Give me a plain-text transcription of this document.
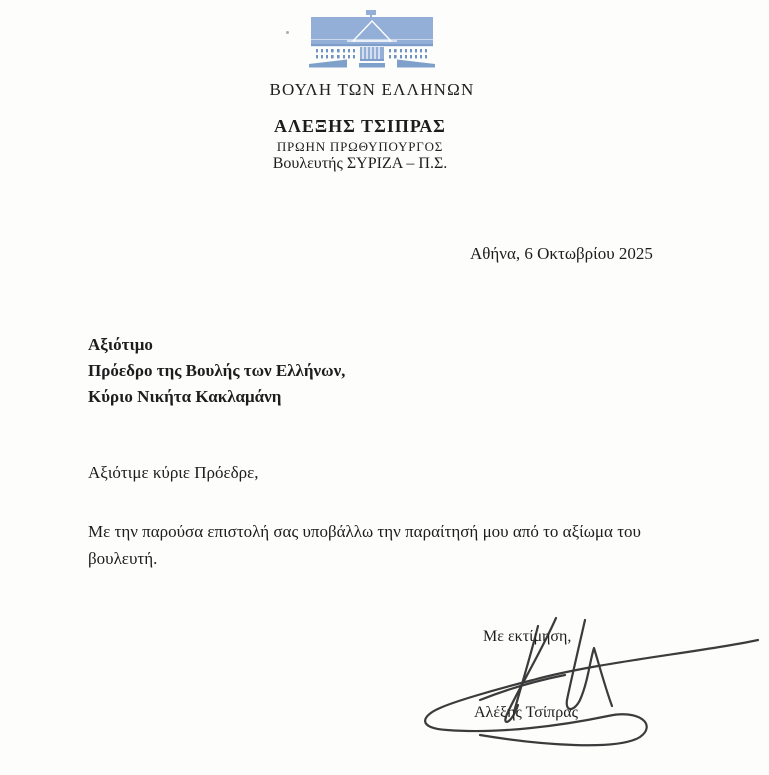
ΒΟΥΛΗ ΤΩΝ ΕΛΛΗΝΩΝ
ΑΛΕΞΗΣ ΤΣΙΠΡΑΣ
ΠΡΩΗΝ ΠΡΩΘΥΠΟΥΡΓΟΣ
Βουλευτής ΣΥΡΙΖΑ – Π.Σ.
Αθήνα, 6 Οκτωβρίου 2025
Αξιότιμο
Πρόεδρο της Βουλής των Ελλήνων,
Κύριο Νικήτα Κακλαμάνη
Αξιότιμε κύριε Πρόεδρε,
Με την παρούσα επιστολή σας υποβάλλω την παραίτησή μου από το αξίωμα του βουλευτή.
Με εκτίμηση,
Αλέξης Τσίπρας
